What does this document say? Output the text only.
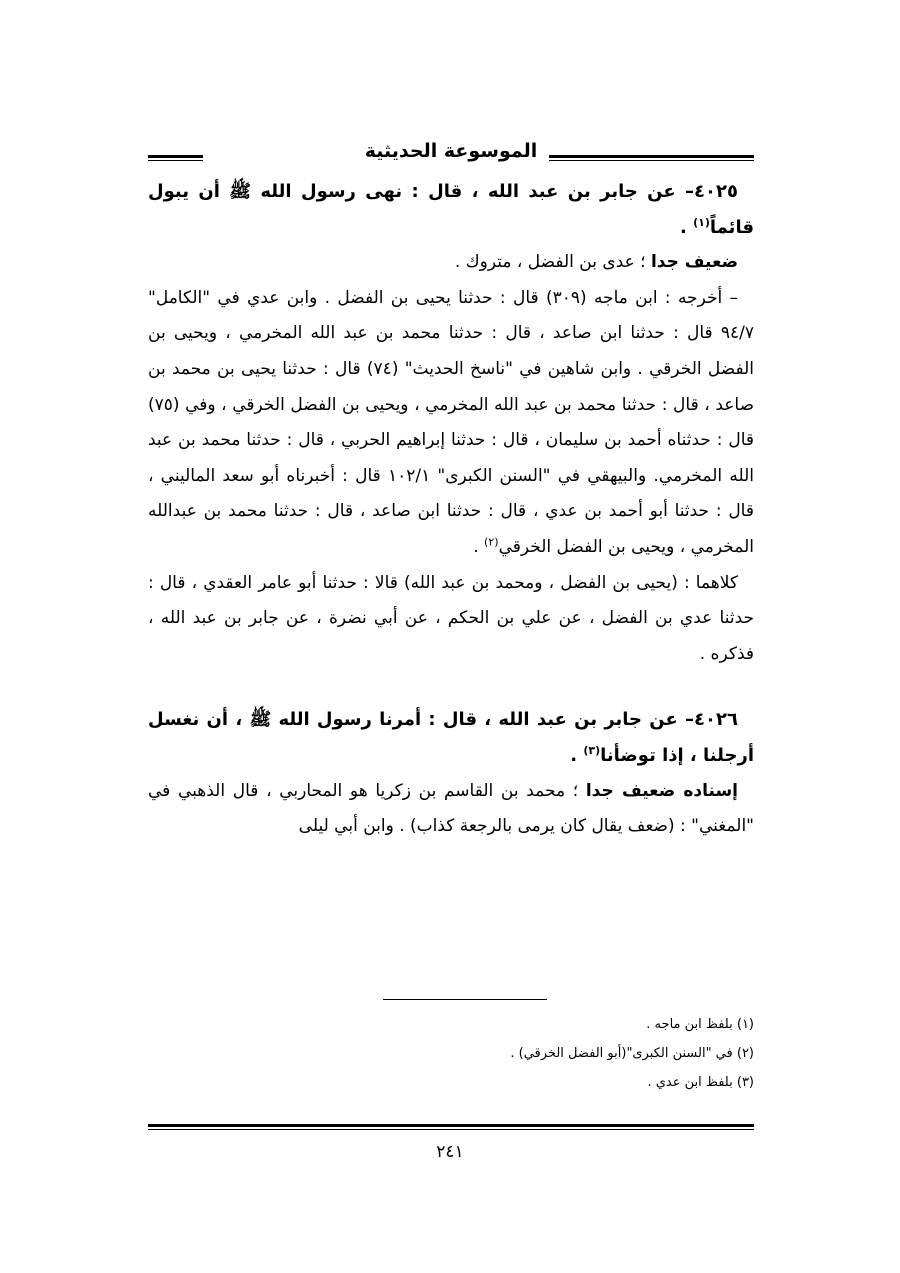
الموسوعة الحديثية

٤٠٢٥– عن جابر بن عبد الله ، قال : نهى رسول الله ﷺ أن يبول قائماً$^{(١)}$ .

ضعيف جدا ؛ عدى بن الفضل ، متروك .

– أخرجه : ابن ماجه (٣٠٩) قال : حدثنا يحيى بن الفضل . وابن عدي في "الكامل" ٩٤/٧ قال : حدثنا ابن صاعد ، قال : حدثنا محمد بن عبد الله المخرمي ، ويحيى بن الفضل الخرقي . وابن شاهين في "ناسخ الحديث" (٧٤) قال : حدثنا يحيى بن محمد بن صاعد ، قال : حدثنا محمد بن عبد الله المخرمي ، ويحيى بن الفضل الخرقي ، وفي (٧٥) قال : حدثناه أحمد بن سليمان ، قال : حدثنا إبراهيم الحربي ، قال : حدثنا محمد بن عبد الله المخرمي. والبيهقي في "السنن الكبرى" ١٠٢/١ قال : أخبرناه أبو سعد الماليني ، قال : حدثنا أبو أحمد بن عدي ، قال : حدثنا ابن صاعد ، قال : حدثنا محمد بن عبدالله المخرمي ، ويحيى بن الفضل الخرقي$^{(٢)}$ .

كلاهما : (يحيى بن الفضل ، ومحمد بن عبد الله) قالا : حدثنا أبو عامر العقدي ، قال : حدثنا عدي بن الفضل ، عن علي بن الحكم ، عن أبي نضرة ، عن جابر بن عبد الله ، فذكره .

٤٠٢٦– عن جابر بن عبد الله ، قال : أمرنا رسول الله ﷺ ، أن نغسل أرجلنا ، إذا توضأنا$^{(٣)}$ .

إسناده ضعيف جدا ؛ محمد بن القاسم بن زكريا هو المحاربي ، قال الذهبي في "المغني" : (ضعف يقال كان يرمى بالرجعة كذاب) . وابن أبي ليلى

(١) بلفظ ابن ماجه .

(٢) في "السنن الكبرى"(أبو الفضل الخرقي) .

(٣) بلفظ ابن عدي .

٢٤١
